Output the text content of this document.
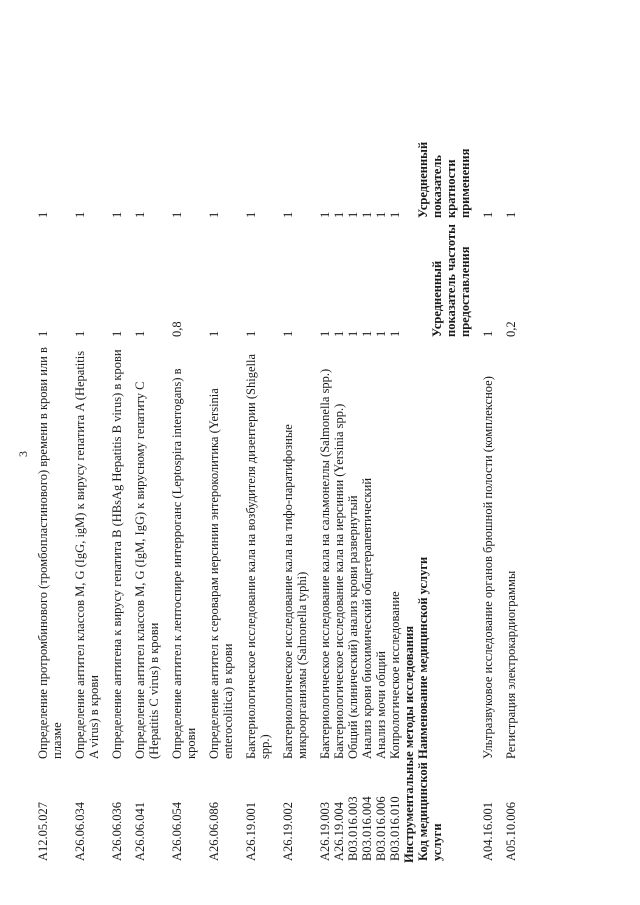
3
A12.05.027	Определение протромбинового (тромбопластинового) времени в крови или в плазме	1	1
A26.06.034	Определение антител классов M, G (IgG, igM) к вирусу гепатита A (Hepatitis A virus) в крови	1	1
A26.06.036	Определение антигена к вирусу гепатита B (HBsAg Hepatitis B virus) в крови	1	1
A26.06.041	Определение антител классов M, G (IgM, IgG) к вирусному гепатиту C (Hepatitis C virus) в крови	1	1
A26.06.054	Определение антител к лептоспире интерроганс (Leptospira interrogans) в крови	0,8	1
A26.06.086	Определение антител к сероварам иерсинии энтероколитика (Yersinia enterocolitica) в крови	1	1
A26.19.001	Бактериологическое исследование кала на возбудителя дизентерии (Shigella spp.)	1	1
A26.19.002	Бактериологическое исследование кала на тифо-паратифозные микроорганизмы (Salmonella typhi)	1	1
A26.19.003	Бактериологическое исследование кала на сальмонеллы (Salmonella spp.)	1	1
A26.19.004	Бактериологическое исследование кала на иерсинии (Yersinia spp.)	1	1
B03.016.003	Общий (клинический) анализ крови развернутый	1	1
B03.016.004	Анализ крови биохимический общетерапевтический	1	1
B03.016.006	Анализ мочи общий	1	1
B03.016.010	Копрологическое исследование	1	1
Инструментальные методы исследования			
Код медицинской услуги	Наименование медицинской услуги	Усредненный показатель частоты предоставления	Усредненный показатель кратности применения
A04.16.001	Ультразвуковое исследование органов брюшной полости (комплексное)	1	1
A05.10.006	Регистрация электрокардиограммы	0,2	1
